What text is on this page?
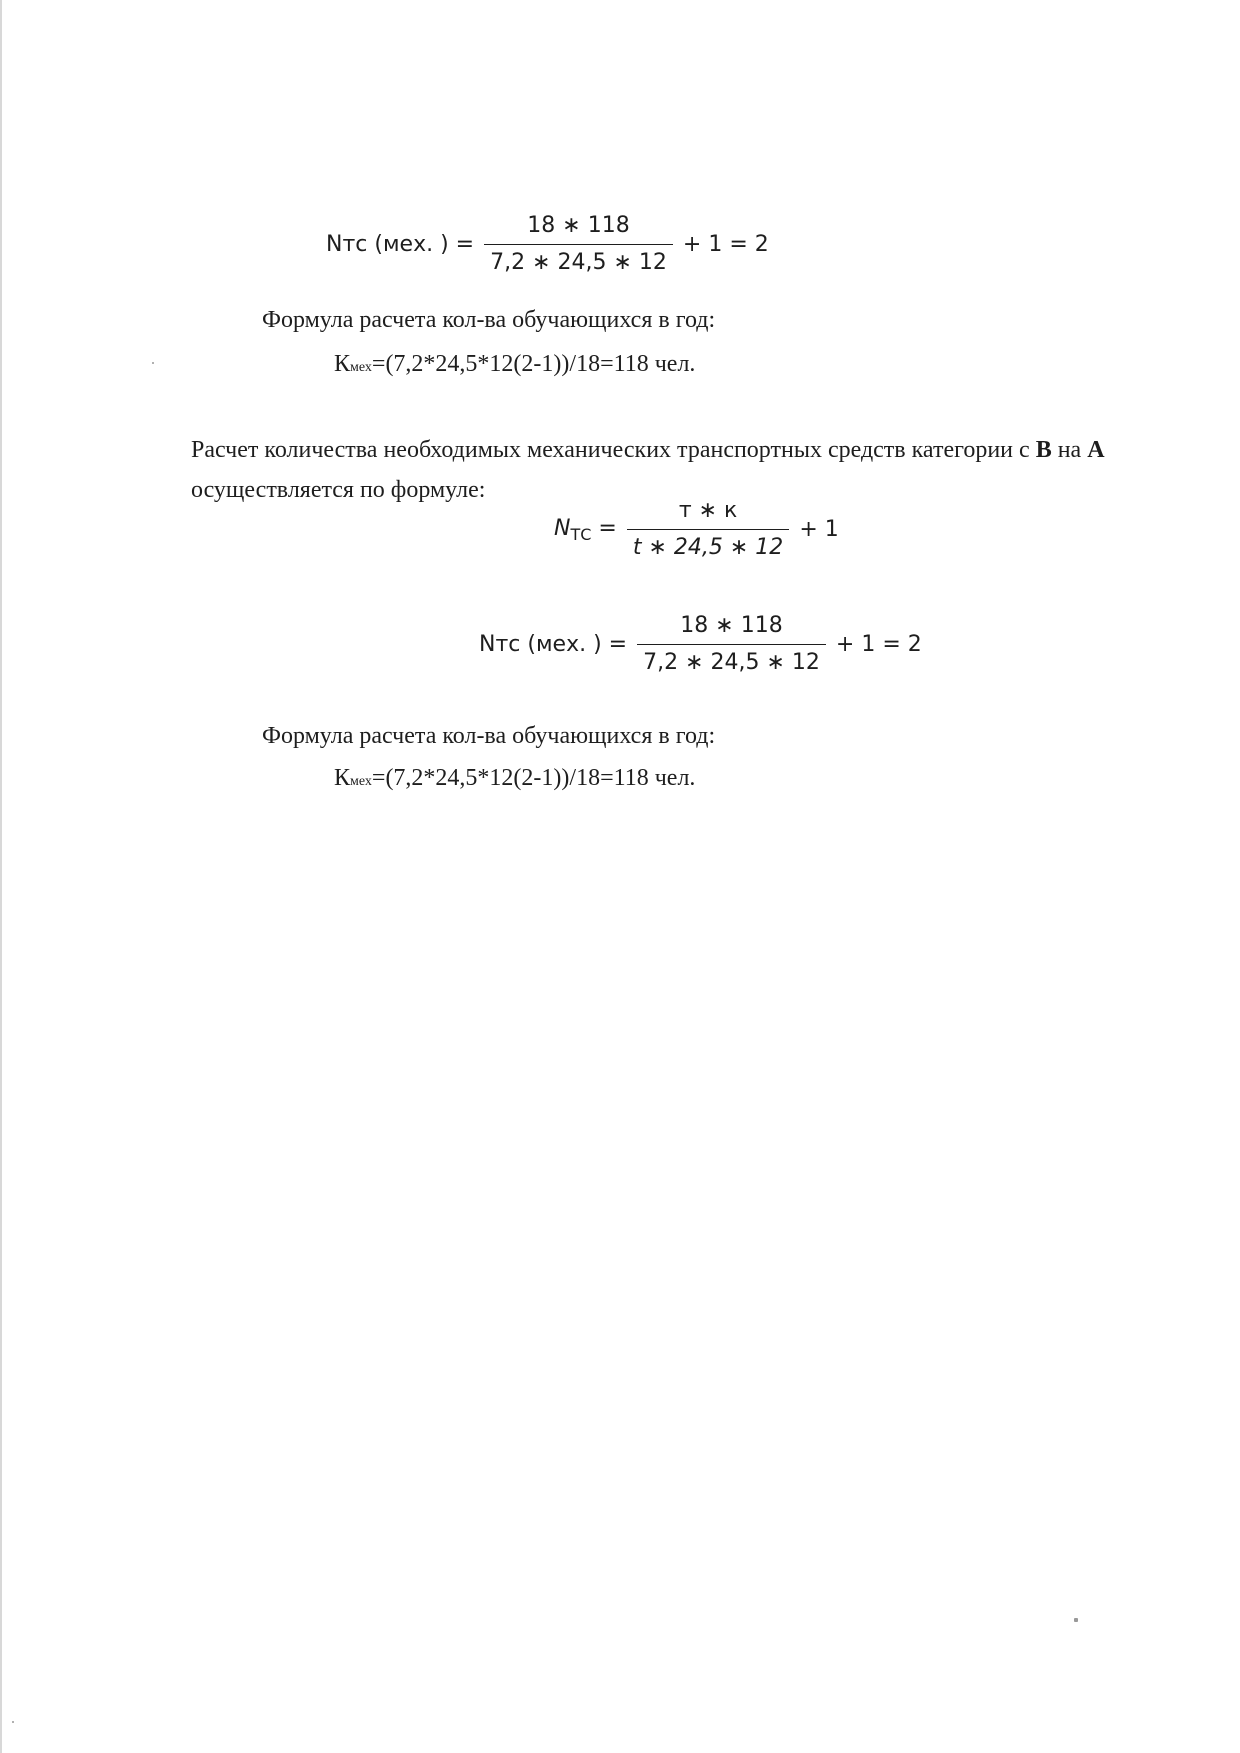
Nтс (мех. ) = $\frac{18 ∗ 118}{7,2 ∗ 24,5 ∗ 12} + 1 = 2$
Формула расчета кол-ва обучающихся в год:
Кмех=(7,2*24,5*12(2-1))/18=118 чел.
Расчет количества необходимых механических транспортных средств категории с B на A
осуществляется по формуле:
$N_{ТС} = \frac{т ∗ к}{t ∗ 24,5 ∗ 12} + 1$
Nтс (мех. ) = $\frac{18 ∗ 118}{7,2 ∗ 24,5 ∗ 12} + 1 = 2$
Формула расчета кол-ва обучающихся в год:
Кмех=(7,2*24,5*12(2-1))/18=118 чел.
